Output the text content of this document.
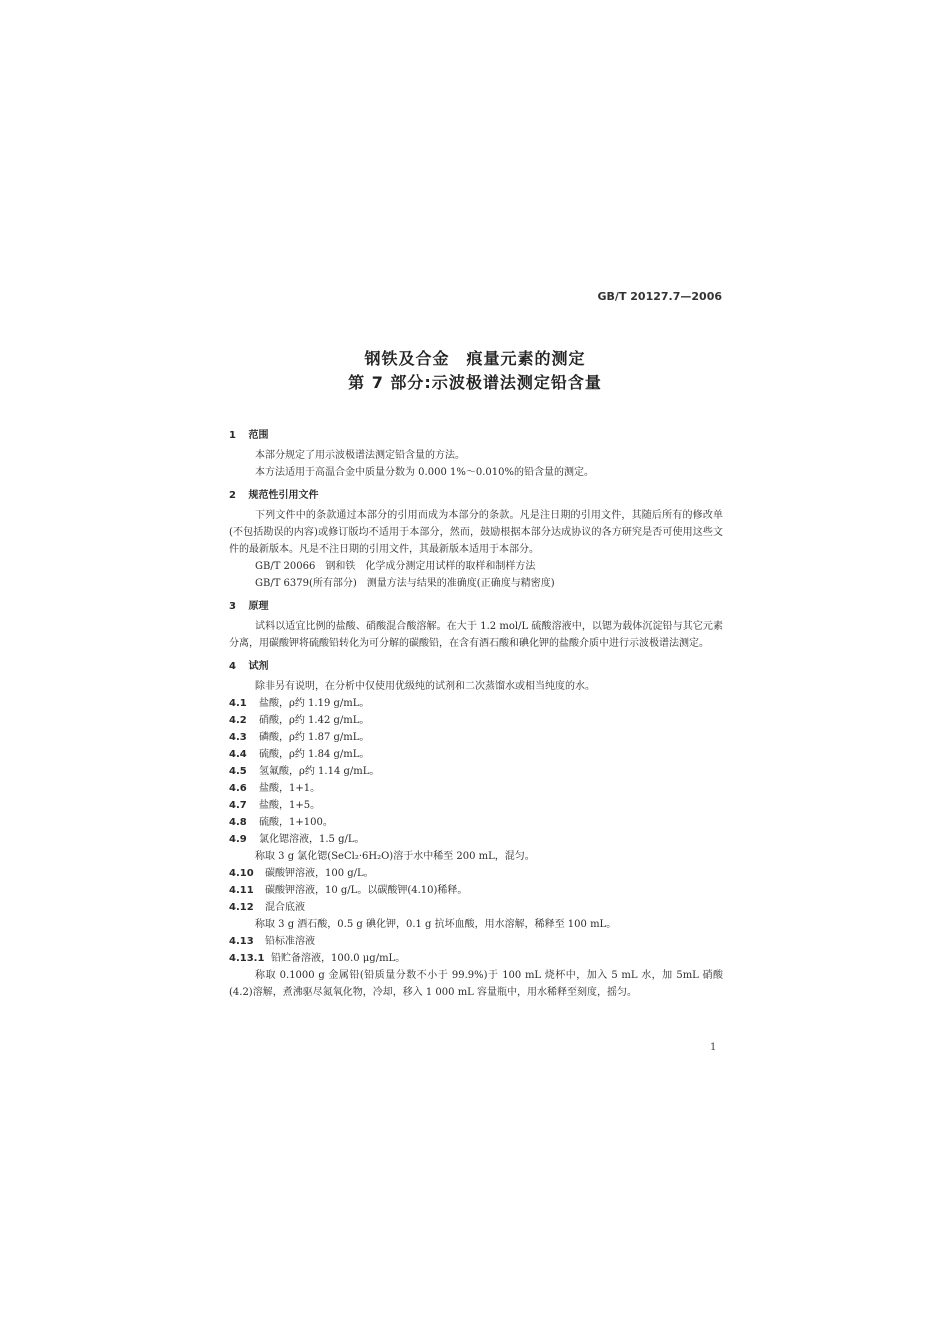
GB/T 20127.7—2006
钢铁及合金　痕量元素的测定
第 7 部分:示波极谱法测定铅含量
1 范围
本部分规定了用示波极谱法测定铅含量的方法。
本方法适用于高温合金中质量分数为 0.000 1%～0.010%的铅含量的测定。
2 规范性引用文件
下列文件中的条款通过本部分的引用而成为本部分的条款。凡是注日期的引用文件，其随后所有的修改单(不包括勘误的内容)或修订版均不适用于本部分，然而，鼓励根据本部分达成协议的各方研究是否可使用这些文件的最新版本。凡是不注日期的引用文件，其最新版本适用于本部分。
GB/T 20066　钢和铁　化学成分测定用试样的取样和制样方法
GB/T 6379(所有部分)　测量方法与结果的准确度(正确度与精密度)
3 原理
试料以适宜比例的盐酸、硝酸混合酸溶解。在大于 1.2 mol/L 硫酸溶液中，以锶为载体沉淀铅与其它元素分离，用碳酸钾将硫酸铅转化为可分解的碳酸铅，在含有酒石酸和碘化钾的盐酸介质中进行示波极谱法测定。
4 试剂
除非另有说明，在分析中仅使用优级纯的试剂和二次蒸馏水或相当纯度的水。
4.1 盐酸，ρ约 1.19 g/mL。
4.2 硝酸，ρ约 1.42 g/mL。
4.3 磷酸，ρ约 1.87 g/mL。
4.4 硫酸，ρ约 1.84 g/mL。
4.5 氢氟酸，ρ约 1.14 g/mL。
4.6 盐酸，1+1。
4.7 盐酸，1+5。
4.8 硫酸，1+100。
4.9 氯化锶溶液，1.5 g/L。
称取 3 g 氯化锶(SeCl₂·6H₂O)溶于水中稀至 200 mL，混匀。
4.10 碳酸钾溶液，100 g/L。
4.11 碳酸钾溶液，10 g/L。以碳酸钾(4.10)稀释。
4.12 混合底液
称取 3 g 酒石酸，0.5 g 碘化钾，0.1 g 抗坏血酸，用水溶解，稀释至 100 mL。
4.13 铅标准溶液
4.13.1 铅贮备溶液，100.0 μg/mL。
称取 0.1000 g 金属铅(铅质量分数不小于 99.9%)于 100 mL 烧杯中，加入 5 mL 水，加 5mL 硝酸(4.2)溶解，煮沸驱尽氮氧化物，冷却，移入 1 000 mL 容量瓶中，用水稀释至刻度，摇匀。
1
